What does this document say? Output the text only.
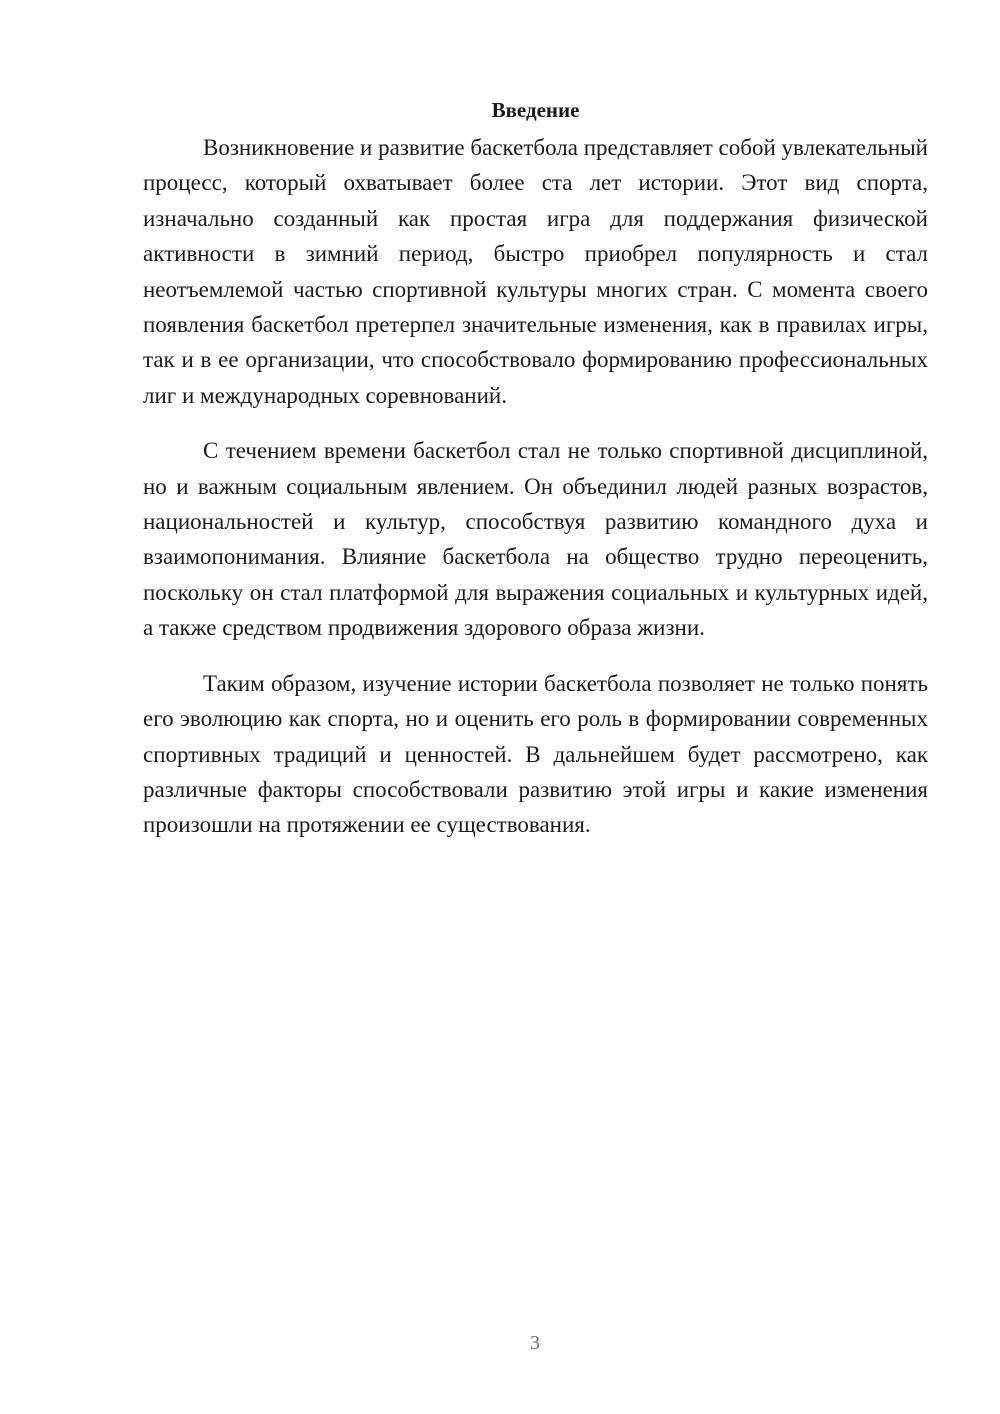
Введение

Возникновение и развитие баскетбола представляет собой увлекательный процесс, который охватывает более ста лет истории. Этот вид спорта, изначально созданный как простая игра для поддержания физической активности в зимний период, быстро приобрел популярность и стал неотъемлемой частью спортивной культуры многих стран. С момента своего появления баскетбол претерпел значительные изменения, как в правилах игры, так и в ее организации, что способствовало формированию профессиональных лиг и международных соревнований.

С течением времени баскетбол стал не только спортивной дисциплиной, но и важным социальным явлением. Он объединил людей разных возрастов, национальностей и культур, способствуя развитию командного духа и взаимопонимания. Влияние баскетбола на общество трудно переоценить, поскольку он стал платформой для выражения социальных и культурных идей, а также средством продвижения здорового образа жизни.

Таким образом, изучение истории баскетбола позволяет не только понять его эволюцию как спорта, но и оценить его роль в формировании современных спортивных традиций и ценностей. В дальнейшем будет рассмотрено, как различные факторы способствовали развитию этой игры и какие изменения произошли на протяжении ее существования.

3
